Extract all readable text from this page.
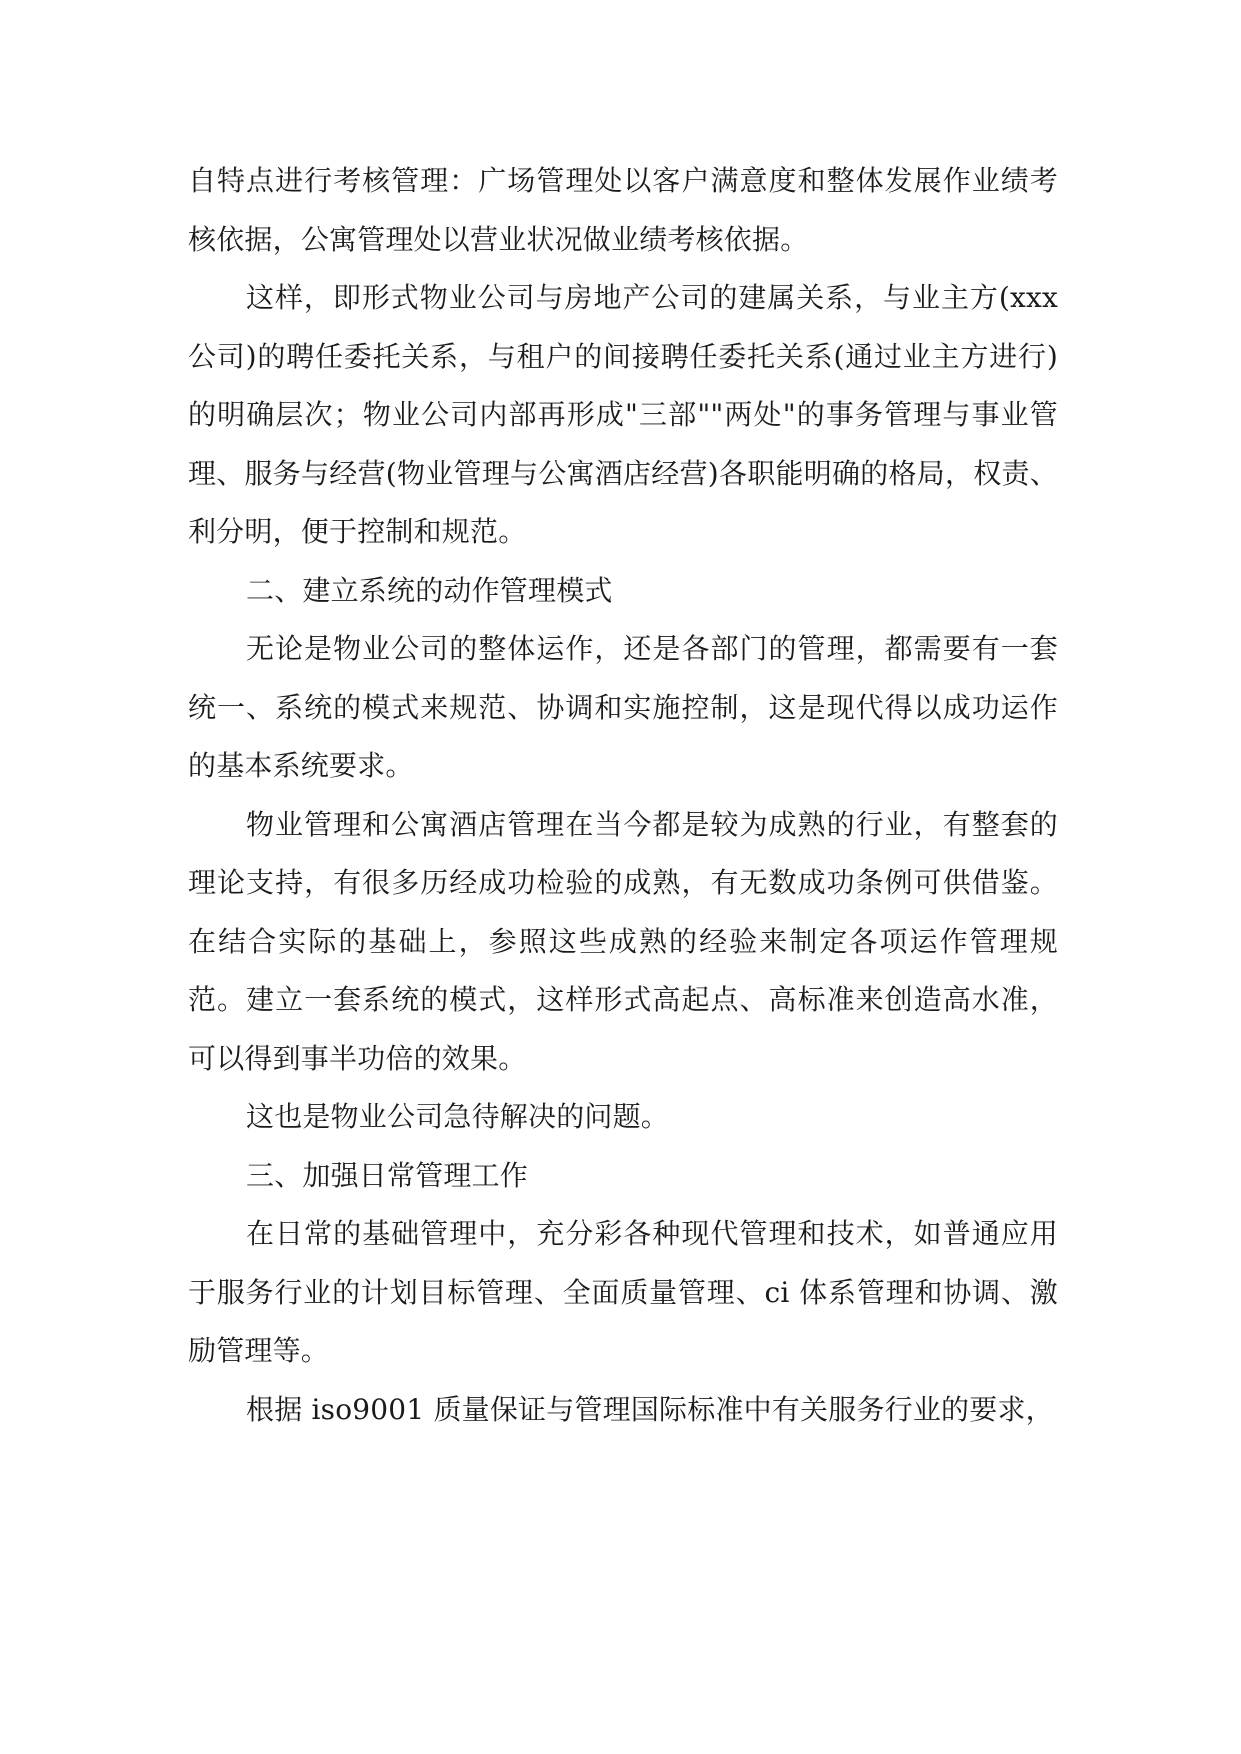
自特点进行考核管理：广场管理处以客户满意度和整体发展作业绩考核依据，公寓管理处以营业状况做业绩考核依据。

这样，即形式物业公司与房地产公司的建属关系，与业主方(xxx公司)的聘任委托关系，与租户的间接聘任委托关系(通过业主方进行)的明确层次；物业公司内部再形成"三部""两处"的事务管理与事业管理、服务与经营(物业管理与公寓酒店经营)各职能明确的格局，权责、利分明，便于控制和规范。

二、建立系统的动作管理模式

无论是物业公司的整体运作，还是各部门的管理，都需要有一套统一、系统的模式来规范、协调和实施控制，这是现代得以成功运作的基本系统要求。

物业管理和公寓酒店管理在当今都是较为成熟的行业，有整套的理论支持，有很多历经成功检验的成熟，有无数成功条例可供借鉴。在结合实际的基础上，参照这些成熟的经验来制定各项运作管理规范。建立一套系统的模式，这样形式高起点、高标准来创造高水准，可以得到事半功倍的效果。

这也是物业公司急待解决的问题。

三、加强日常管理工作

在日常的基础管理中，充分彩各种现代管理和技术，如普通应用于服务行业的计划目标管理、全面质量管理、ci 体系管理和协调、激励管理等。

根据 iso9001 质量保证与管理国际标准中有关服务行业的要求，
